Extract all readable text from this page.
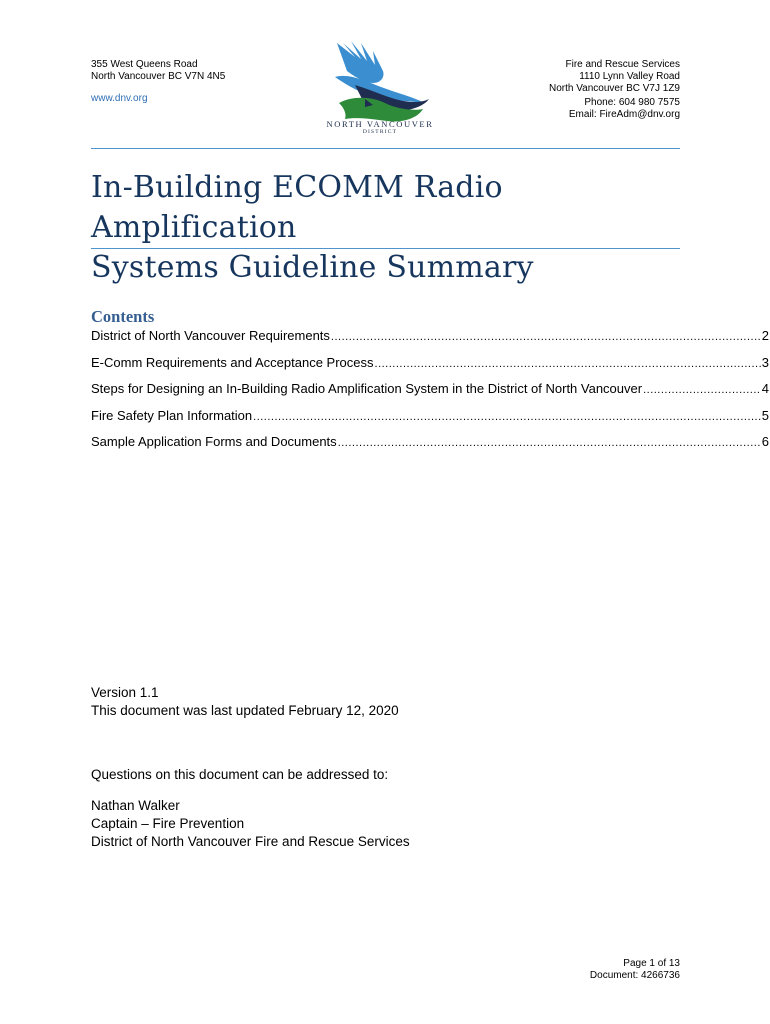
355 West Queens Road
North Vancouver BC V7N 4N5
www.dnv.org
NORTH VANCOUVER
DISTRICT
Fire and Rescue Services
1110 Lynn Valley Road
North Vancouver BC V7J 1Z9
Phone: 604 980 7575
Email: FireAdm@dnv.org
In-Building ECOMM Radio Amplification
Systems Guideline Summary
Contents
District of North Vancouver Requirements .....	2
E-Comm Requirements and Acceptance Process .....	3
Steps for Designing an In-Building Radio Amplification System in the District of North Vancouver .....	4
Fire Safety Plan Information .....	5
Sample Application Forms and Documents .....	6
Version 1.1
This document was last updated February 12, 2020
Questions on this document can be addressed to:
Nathan Walker
Captain – Fire Prevention
District of North Vancouver Fire and Rescue Services
Page 1 of 13
Document: 4266736
